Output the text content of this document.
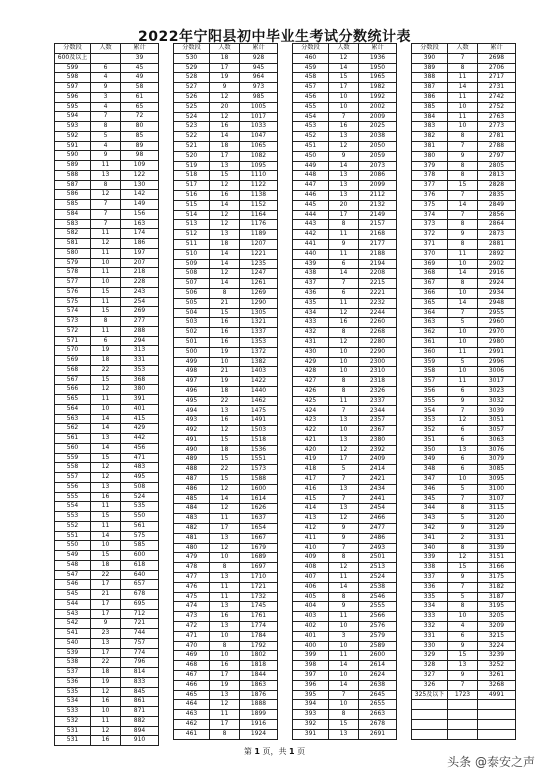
2022年宁阳县初中毕业生考试分数统计表
分数段	人数	累计
600及以上		39
599	6	45
598	4	49
597	9	58
596	3	61
595	4	65
594	7	72
593	8	80
592	5	85
591	4	89
590	9	98
589	11	109
588	13	122
587	8	130
586	12	142
585	7	149
584	7	156
583	7	163
582	11	174
581	12	186
580	11	197
579	10	207
578	11	218
577	10	228
576	15	243
575	11	254
574	15	269
573	8	277
572	11	288
571	6	294
570	19	313
569	18	331
568	22	353
567	15	368
566	12	380
565	11	391
564	10	401
563	14	415
562	14	429
561	13	442
560	14	456
559	15	471
558	12	483
557	12	495
556	13	508
555	16	524
554	11	535
553	15	550
552	11	561
551	14	575
550	10	585
549	15	600
548	18	618
547	22	640
546	17	657
545	21	678
544	17	695
543	17	712
542	9	721
541	23	744
540	13	757
539	17	774
538	22	796
537	18	814
536	19	833
535	12	845
534	16	861
533	10	871
532	11	882
531	12	894
531	16	910
分数段	人数	累计
530	18	928
529	17	945
528	19	964
527	9	973
526	12	985
525	20	1005
524	12	1017
523	16	1033
522	14	1047
521	18	1065
520	17	1082
519	13	1095
518	15	1110
517	12	1122
516	16	1138
515	14	1152
514	12	1164
513	12	1176
512	13	1189
511	18	1207
510	14	1221
509	14	1235
508	12	1247
507	14	1261
506	8	1269
505	21	1290
504	15	1305
503	16	1321
502	16	1337
501	16	1353
500	19	1372
499	10	1382
498	21	1403
497	19	1422
496	18	1440
495	22	1462
494	13	1475
493	16	1491
492	12	1503
491	15	1518
490	18	1536
489	15	1551
488	22	1573
487	15	1588
486	12	1600
485	14	1614
484	12	1626
483	11	1637
482	17	1654
481	13	1667
480	12	1679
479	10	1689
478	8	1697
477	13	1710
476	11	1721
475	11	1732
474	13	1745
473	16	1761
472	13	1774
471	10	1784
470	8	1792
469	10	1802
468	16	1818
467	17	1844
466	19	1863
465	13	1876
464	12	1888
463	11	1899
462	17	1916
461	8	1924
分数段	人数	累计
460	12	1936
459	14	1950
458	15	1965
457	17	1982
456	10	1992
455	10	2002
454	7	2009
453	16	2025
452	13	2038
451	12	2050
450	9	2059
449	14	2073
448	13	2086
447	13	2099
446	13	2112
445	20	2132
444	17	2149
443	8	2157
442	11	2168
441	9	2177
440	11	2188
439	6	2194
438	14	2208
437	7	2215
436	6	2221
435	11	2232
434	12	2244
433	16	2260
432	8	2268
431	12	2280
430	10	2290
429	10	2300
428	10	2310
427	8	2318
426	8	2326
425	11	2337
424	7	2344
423	13	2357
422	10	2367
421	13	2380
420	12	2392
419	17	2409
418	5	2414
417	7	2421
416	13	2434
415	7	2441
414	13	2454
413	12	2466
412	9	2477
411	9	2486
410	7	2493
409	8	2501
408	12	2513
407	11	2524
406	14	2538
405	8	2546
404	9	2555
403	11	2566
402	10	2576
401	3	2579
400	10	2589
399	11	2600
398	14	2614
397	10	2624
396	14	2638
395	7	2645
394	10	2655
393	8	2663
392	15	2678
391	13	2691
分数段	人数	累计
390	7	2698
389	8	2706
388	11	2717
387	14	2731
386	11	2742
385	10	2752
384	11	2763
383	10	2773
382	8	2781
381	7	2788
380	9	2797
379	8	2805
378	8	2813
377	15	2828
376	7	2835
375	14	2849
374	7	2856
373	8	2864
372	9	2873
371	8	2881
370	11	2892
369	10	2902
368	14	2916
367	8	2924
366	10	2934
365	14	2948
364	7	2955
363	5	2960
362	10	2970
361	10	2980
360	11	2991
359	5	2996
358	10	3006
357	11	3017
356	6	3023
355	9	3032
354	7	3039
353	12	3051
352	6	3057
351	6	3063
350	13	3076
349	6	3079
348	6	3085
347	10	3095
346	5	3100
345	7	3107
344	8	3115
343	5	3120
342	9	3129
341	2	3131
340	8	3139
339	12	3151
338	15	3166
337	9	3175
336	7	3182
335	5	3187
334	8	3195
333	10	3205
332	4	3209
331	6	3215
330	9	3224
329	15	3239
328	13	3252
327	9	3261
326	7	3268
325及以下	1723	4991

第 1 页，共 1 页
头条 @泰安之声
